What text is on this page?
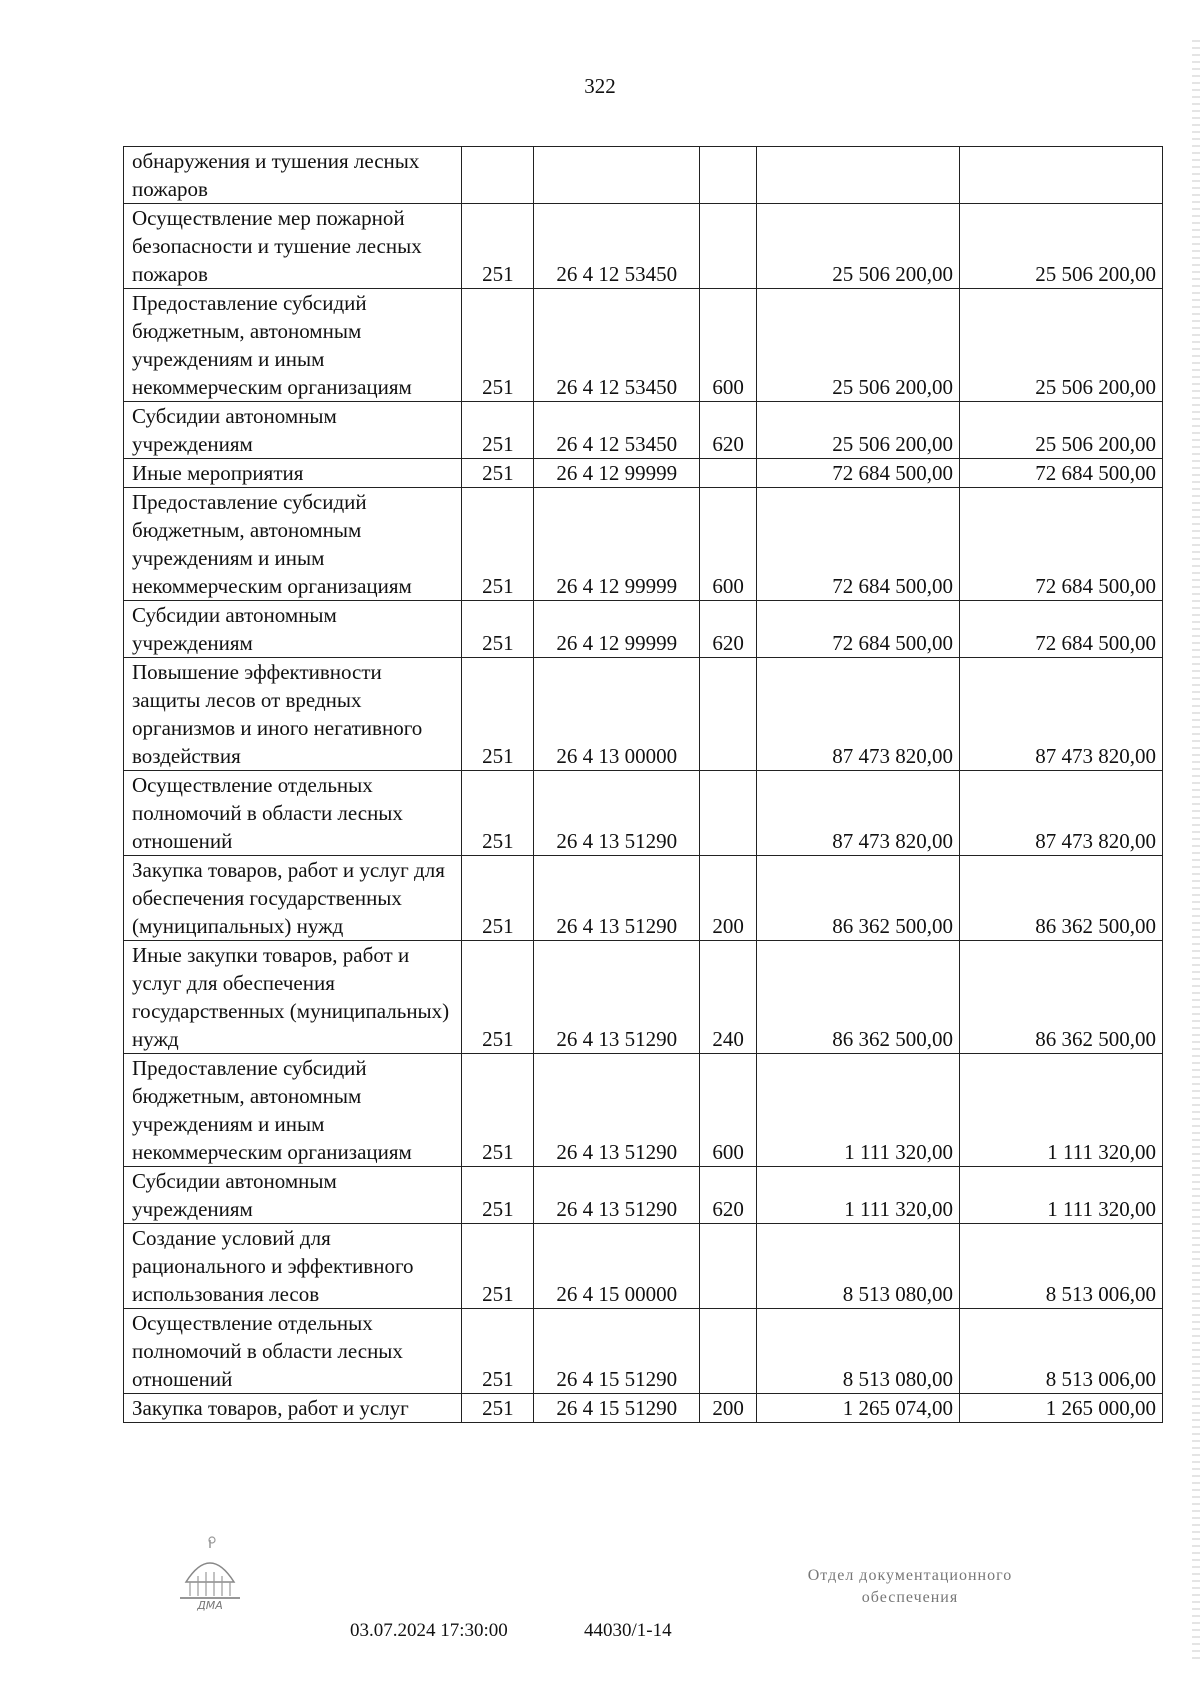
322
обнаружения и тушения лесных пожаров					
Осуществление мер пожарной безопасности и тушение лесных пожаров	251	26 4 12 53450		25 506 200,00	25 506 200,00
Предоставление субсидий бюджетным, автономным учреждениям и иным некоммерческим организациям	251	26 4 12 53450	600	25 506 200,00	25 506 200,00
Субсидии автономным учреждениям	251	26 4 12 53450	620	25 506 200,00	25 506 200,00
Иные мероприятия	251	26 4 12 99999		72 684 500,00	72 684 500,00
Предоставление субсидий бюджетным, автономным учреждениям и иным некоммерческим организациям	251	26 4 12 99999	600	72 684 500,00	72 684 500,00
Субсидии автономным учреждениям	251	26 4 12 99999	620	72 684 500,00	72 684 500,00
Повышение эффективности защиты лесов от вредных организмов и иного негативного воздействия	251	26 4 13 00000		87 473 820,00	87 473 820,00
Осуществление отдельных полномочий в области лесных отношений	251	26 4 13 51290		87 473 820,00	87 473 820,00
Закупка товаров, работ и услуг для обеспечения государственных (муниципальных) нужд	251	26 4 13 51290	200	86 362 500,00	86 362 500,00
Иные закупки товаров, работ и услуг для обеспечения государственных (муниципальных) нужд	251	26 4 13 51290	240	86 362 500,00	86 362 500,00
Предоставление субсидий бюджетным, автономным учреждениям и иным некоммерческим организациям	251	26 4 13 51290	600	1 111 320,00	1 111 320,00
Субсидии автономным учреждениям	251	26 4 13 51290	620	1 111 320,00	1 111 320,00
Создание условий для рационального и эффективного использования лесов	251	26 4 15 00000		8 513 080,00	8 513 006,00
Осуществление отдельных полномочий в области лесных отношений	251	26 4 15 51290		8 513 080,00	8 513 006,00
Закупка товаров, работ и услуг	251	26 4 15 51290	200	1 265 074,00	1 265 000,00
ДМА
03.07.2024 17:30:00	44030/1-14
Отдел документационного
обеспечения
